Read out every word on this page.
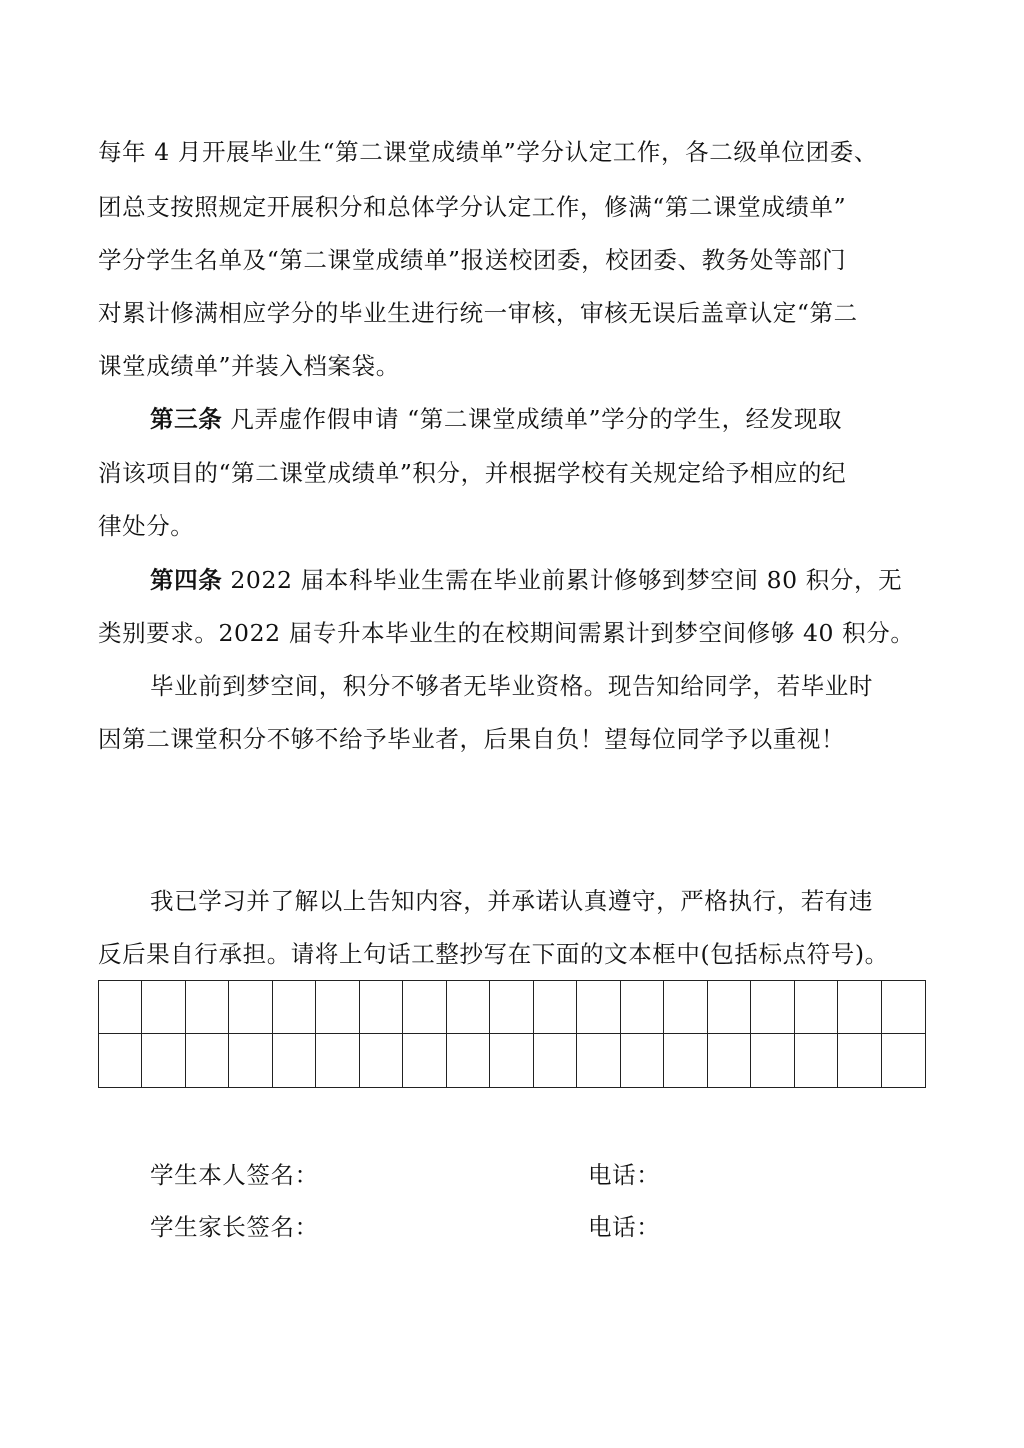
每年 4 月开展毕业生“第二课堂成绩单”学分认定工作，各二级单位团委、
团总支按照规定开展积分和总体学分认定工作，修满“第二课堂成绩单”
学分学生名单及“第二课堂成绩单”报送校团委，校团委、教务处等部门
对累计修满相应学分的毕业生进行统一审核，审核无误后盖章认定“第二
课堂成绩单”并装入档案袋。
第三条 凡弄虚作假申请 “第二课堂成绩单”学分的学生，经发现取
消该项目的“第二课堂成绩单”积分，并根据学校有关规定给予相应的纪
律处分。
第四条 2022 届本科毕业生需在毕业前累计修够到梦空间 80 积分，无
类别要求。2022 届专升本毕业生的在校期间需累计到梦空间修够 40 积分。
毕业前到梦空间，积分不够者无毕业资格。现告知给同学，若毕业时
因第二课堂积分不够不给予毕业者，后果自负！望每位同学予以重视！
我已学习并了解以上告知内容，并承诺认真遵守，严格执行，若有违
反后果自行承担。请将上句话工整抄写在下面的文本框中(包括标点符号)。
学生本人签名：	电话：
学生家长签名：	电话：
